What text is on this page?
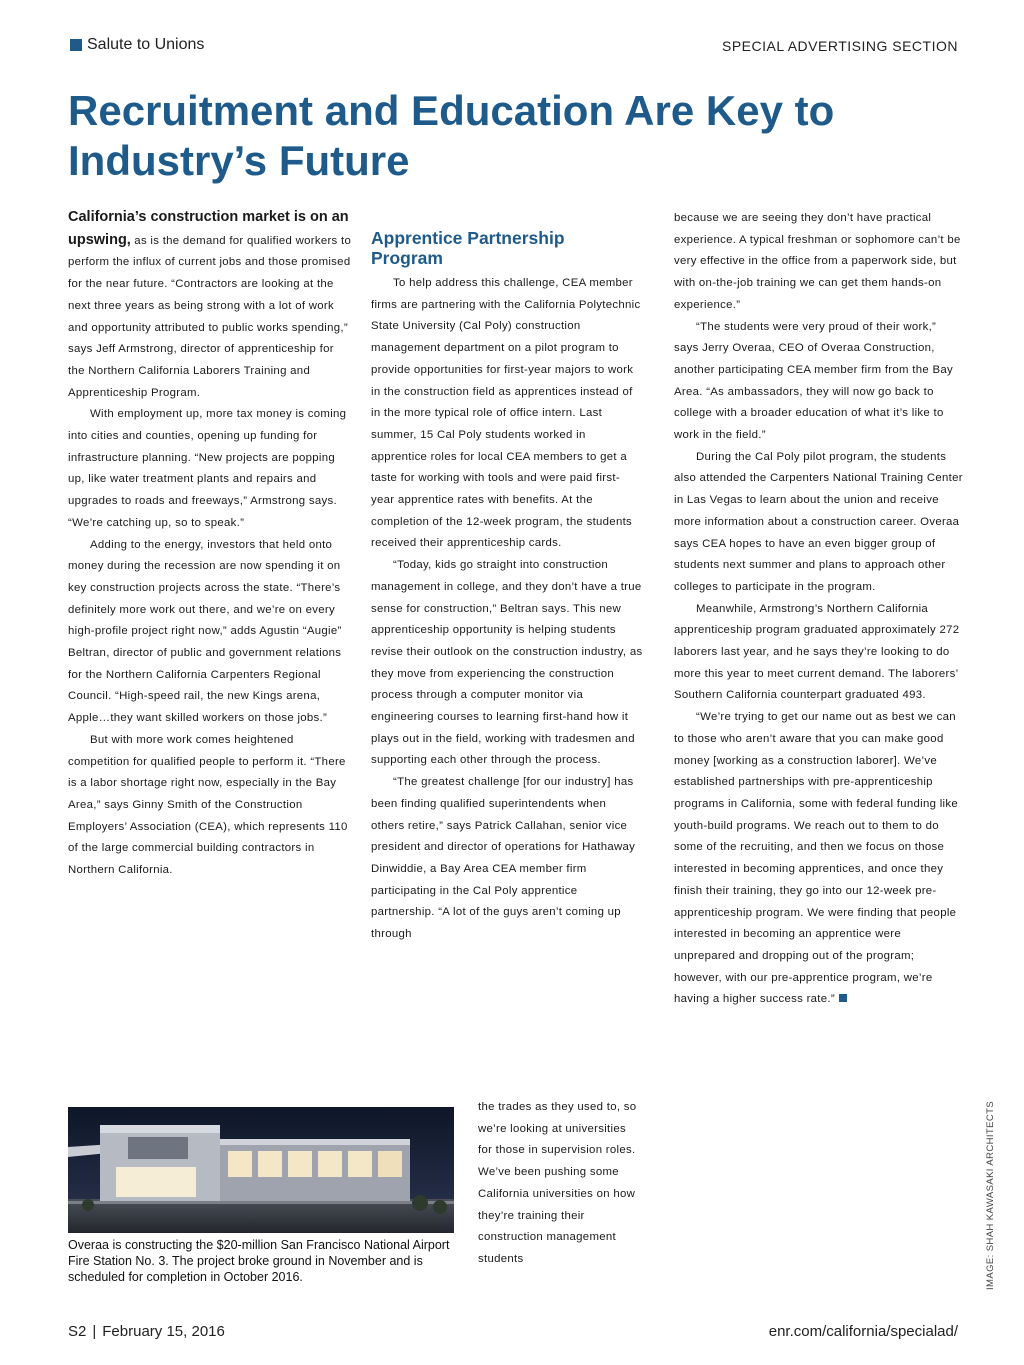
Salute to Unions	SPECIAL ADVERTISING SECTION
Recruitment and Education Are Key to
Industry’s Future

California’s construction market is on an upswing, as is the demand for qualified workers to perform the influx of current jobs and those promised for the near future. “Contractors are looking at the next three years as being strong with a lot of work and opportunity attributed to public works spending,” says Jeff Armstrong, director of apprenticeship for the Northern California Laborers Training and Apprenticeship Program.

With employment up, more tax money is coming into cities and counties, opening up funding for infrastructure planning. “New projects are popping up, like water treatment plants and repairs and upgrades to roads and freeways,” Armstrong says. “We’re catching up, so to speak.”

Adding to the energy, investors that held onto money during the recession are now spending it on key construction projects across the state. “There’s definitely more work out there, and we’re on every high-profile project right now,” adds Agustin “Augie” Beltran, director of public and government relations for the Northern California Carpenters Regional Council. “High-speed rail, the new Kings arena, Apple…they want skilled workers on those jobs.”

But with more work comes heightened competition for qualified people to perform it. “There is a labor shortage right now, especially in the Bay Area,” says Ginny Smith of the Construction Employers’ Association (CEA), which represents 110 of the large commercial building contractors in Northern California.

Apprentice Partnership Program

To help address this challenge, CEA member firms are partnering with the California Polytechnic State University (Cal Poly) construction management department on a pilot program to provide opportunities for first-year majors to work in the construction field as apprentices instead of in the more typical role of office intern. Last summer, 15 Cal Poly students worked in apprentice roles for local CEA members to get a taste for working with tools and were paid first-year apprentice rates with benefits. At the completion of the 12-week program, the students received their apprenticeship cards.

“Today, kids go straight into construction management in college, and they don’t have a true sense for construction,” Beltran says. This new apprenticeship opportunity is helping students revise their outlook on the construction industry, as they move from experiencing the construction process through a computer monitor via engineering courses to learning first-hand how it plays out in the field, working with tradesmen and supporting each other through the process.

“The greatest challenge [for our industry] has been finding qualified superintendents when others retire,” says Patrick Callahan, senior vice president and director of operations for Hathaway Dinwiddie, a Bay Area CEA member firm participating in the Cal Poly apprentice partnership. “A lot of the guys aren’t coming up through

the trades as they used to, so we’re looking at universities for those in supervision roles. We’ve been pushing some California universities on how they’re training their construction management students

because we are seeing they don’t have practical experience. A typical freshman or sophomore can’t be very effective in the office from a paperwork side, but with on-the-job training we can get them hands-on experience.”

“The students were very proud of their work,” says Jerry Overaa, CEO of Overaa Construction, another participating CEA member firm from the Bay Area. “As ambassadors, they will now go back to college with a broader education of what it’s like to work in the field.”

During the Cal Poly pilot program, the students also attended the Carpenters National Training Center in Las Vegas to learn about the union and receive more information about a construction career. Overaa says CEA hopes to have an even bigger group of students next summer and plans to approach other colleges to participate in the program.

Meanwhile, Armstrong’s Northern California apprenticeship program graduated approximately 272 laborers last year, and he says they’re looking to do more this year to meet current demand. The laborers’ Southern California counterpart graduated 493.

“We’re trying to get our name out as best we can to those who aren’t aware that you can make good money [working as a construction laborer]. We’ve established partnerships with pre-apprenticeship programs in California, some with federal funding like youth-build programs. We reach out to them to do some of the recruiting, and then we focus on those interested in becoming apprentices, and once they finish their training, they go into our 12-week pre-apprenticeship program. We were finding that people interested in becoming an apprentice were unprepared and dropping out of the program; however, with our pre-apprentice program, we’re having a higher success rate.”

Overaa is constructing the $20-million San Francisco National Airport Fire Station No. 3. The project broke ground in November and is scheduled for completion in October 2016.	IMAGE: SHAH KAWASAKI ARCHITECTS
S2 | February 15, 2016	enr.com/california/specialad/
